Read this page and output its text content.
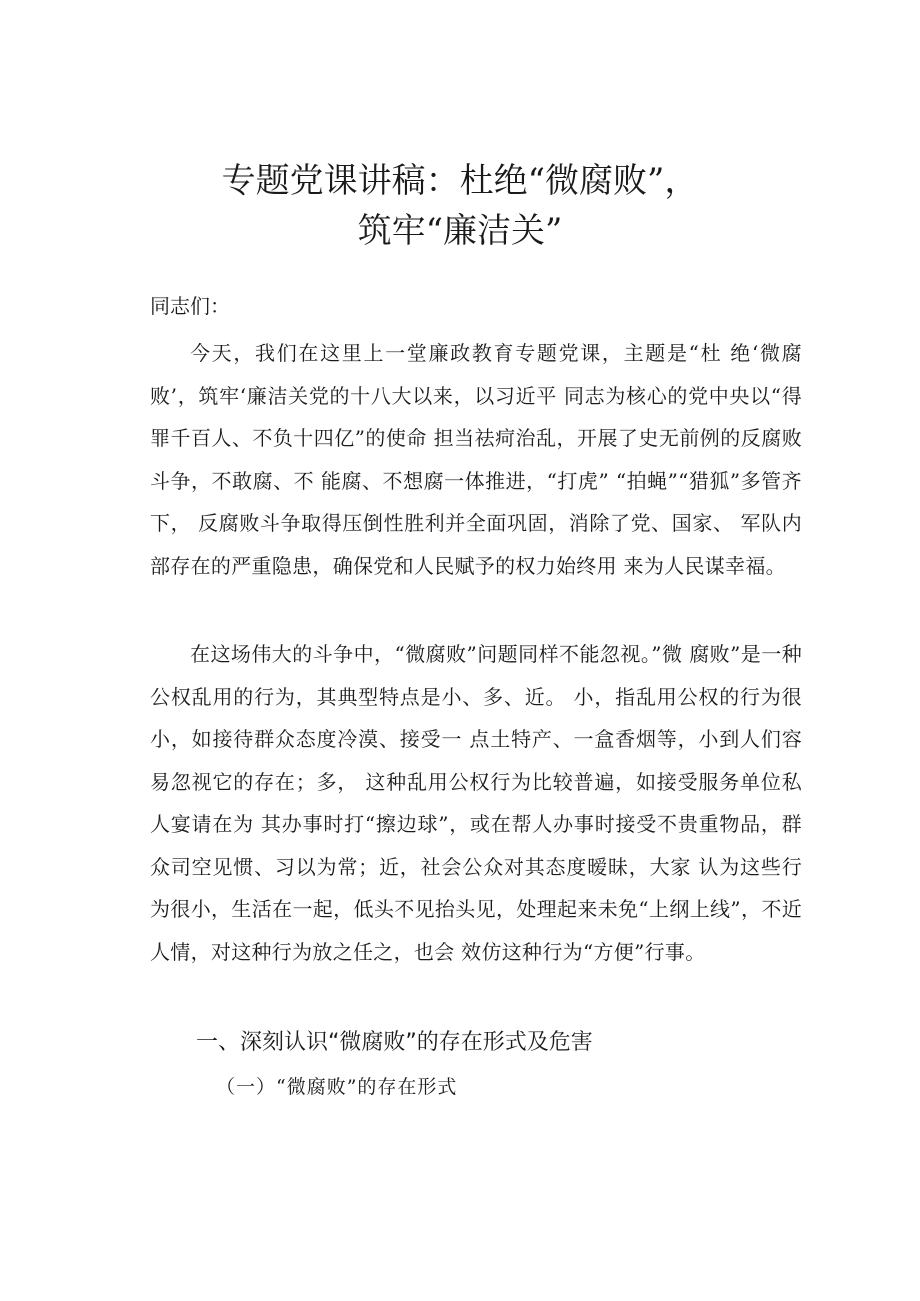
专题党课讲稿：杜绝“微腐败”，
筑牢“廉洁关”

同志们：

今天，我们在这里上一堂廉政教育专题党课，主题是“杜 绝‘微腐败’，筑牢‘廉洁关党的十八大以来，以习近平 同志为核心的党中央以“得罪千百人、不负十四亿”的使命 担当祛疴治乱，开展了史无前例的反腐败斗争，不敢腐、不 能腐、不想腐一体推进，“打虎” “拍蝇”“猎狐”多管齐下， 反腐败斗争取得压倒性胜利并全面巩固，消除了党、国家、 军队内部存在的严重隐患，确保党和人民赋予的权力始终用 来为人民谋幸福。

在这场伟大的斗争中，“微腐败”问题同样不能忽视。”微 腐败”是一种公权乱用的行为，其典型特点是小、多、近。 小，指乱用公权的行为很小，如接待群众态度冷漠、接受一 点土特产、一盒香烟等，小到人们容易忽视它的存在；多， 这种乱用公权行为比较普遍，如接受服务单位私人宴请在为 其办事时打“擦边球”，或在帮人办事时接受不贵重物品，群 众司空见惯、习以为常；近，社会公众对其态度暧昧，大家 认为这些行为很小，生活在一起，低头不见抬头见，处理起来未免“上纲上线”，不近人情，对这种行为放之任之，也会 效仿这种行为“方便”行事。

一、深刻认识“微腐败”的存在形式及危害
（一）“微腐败”的存在形式
